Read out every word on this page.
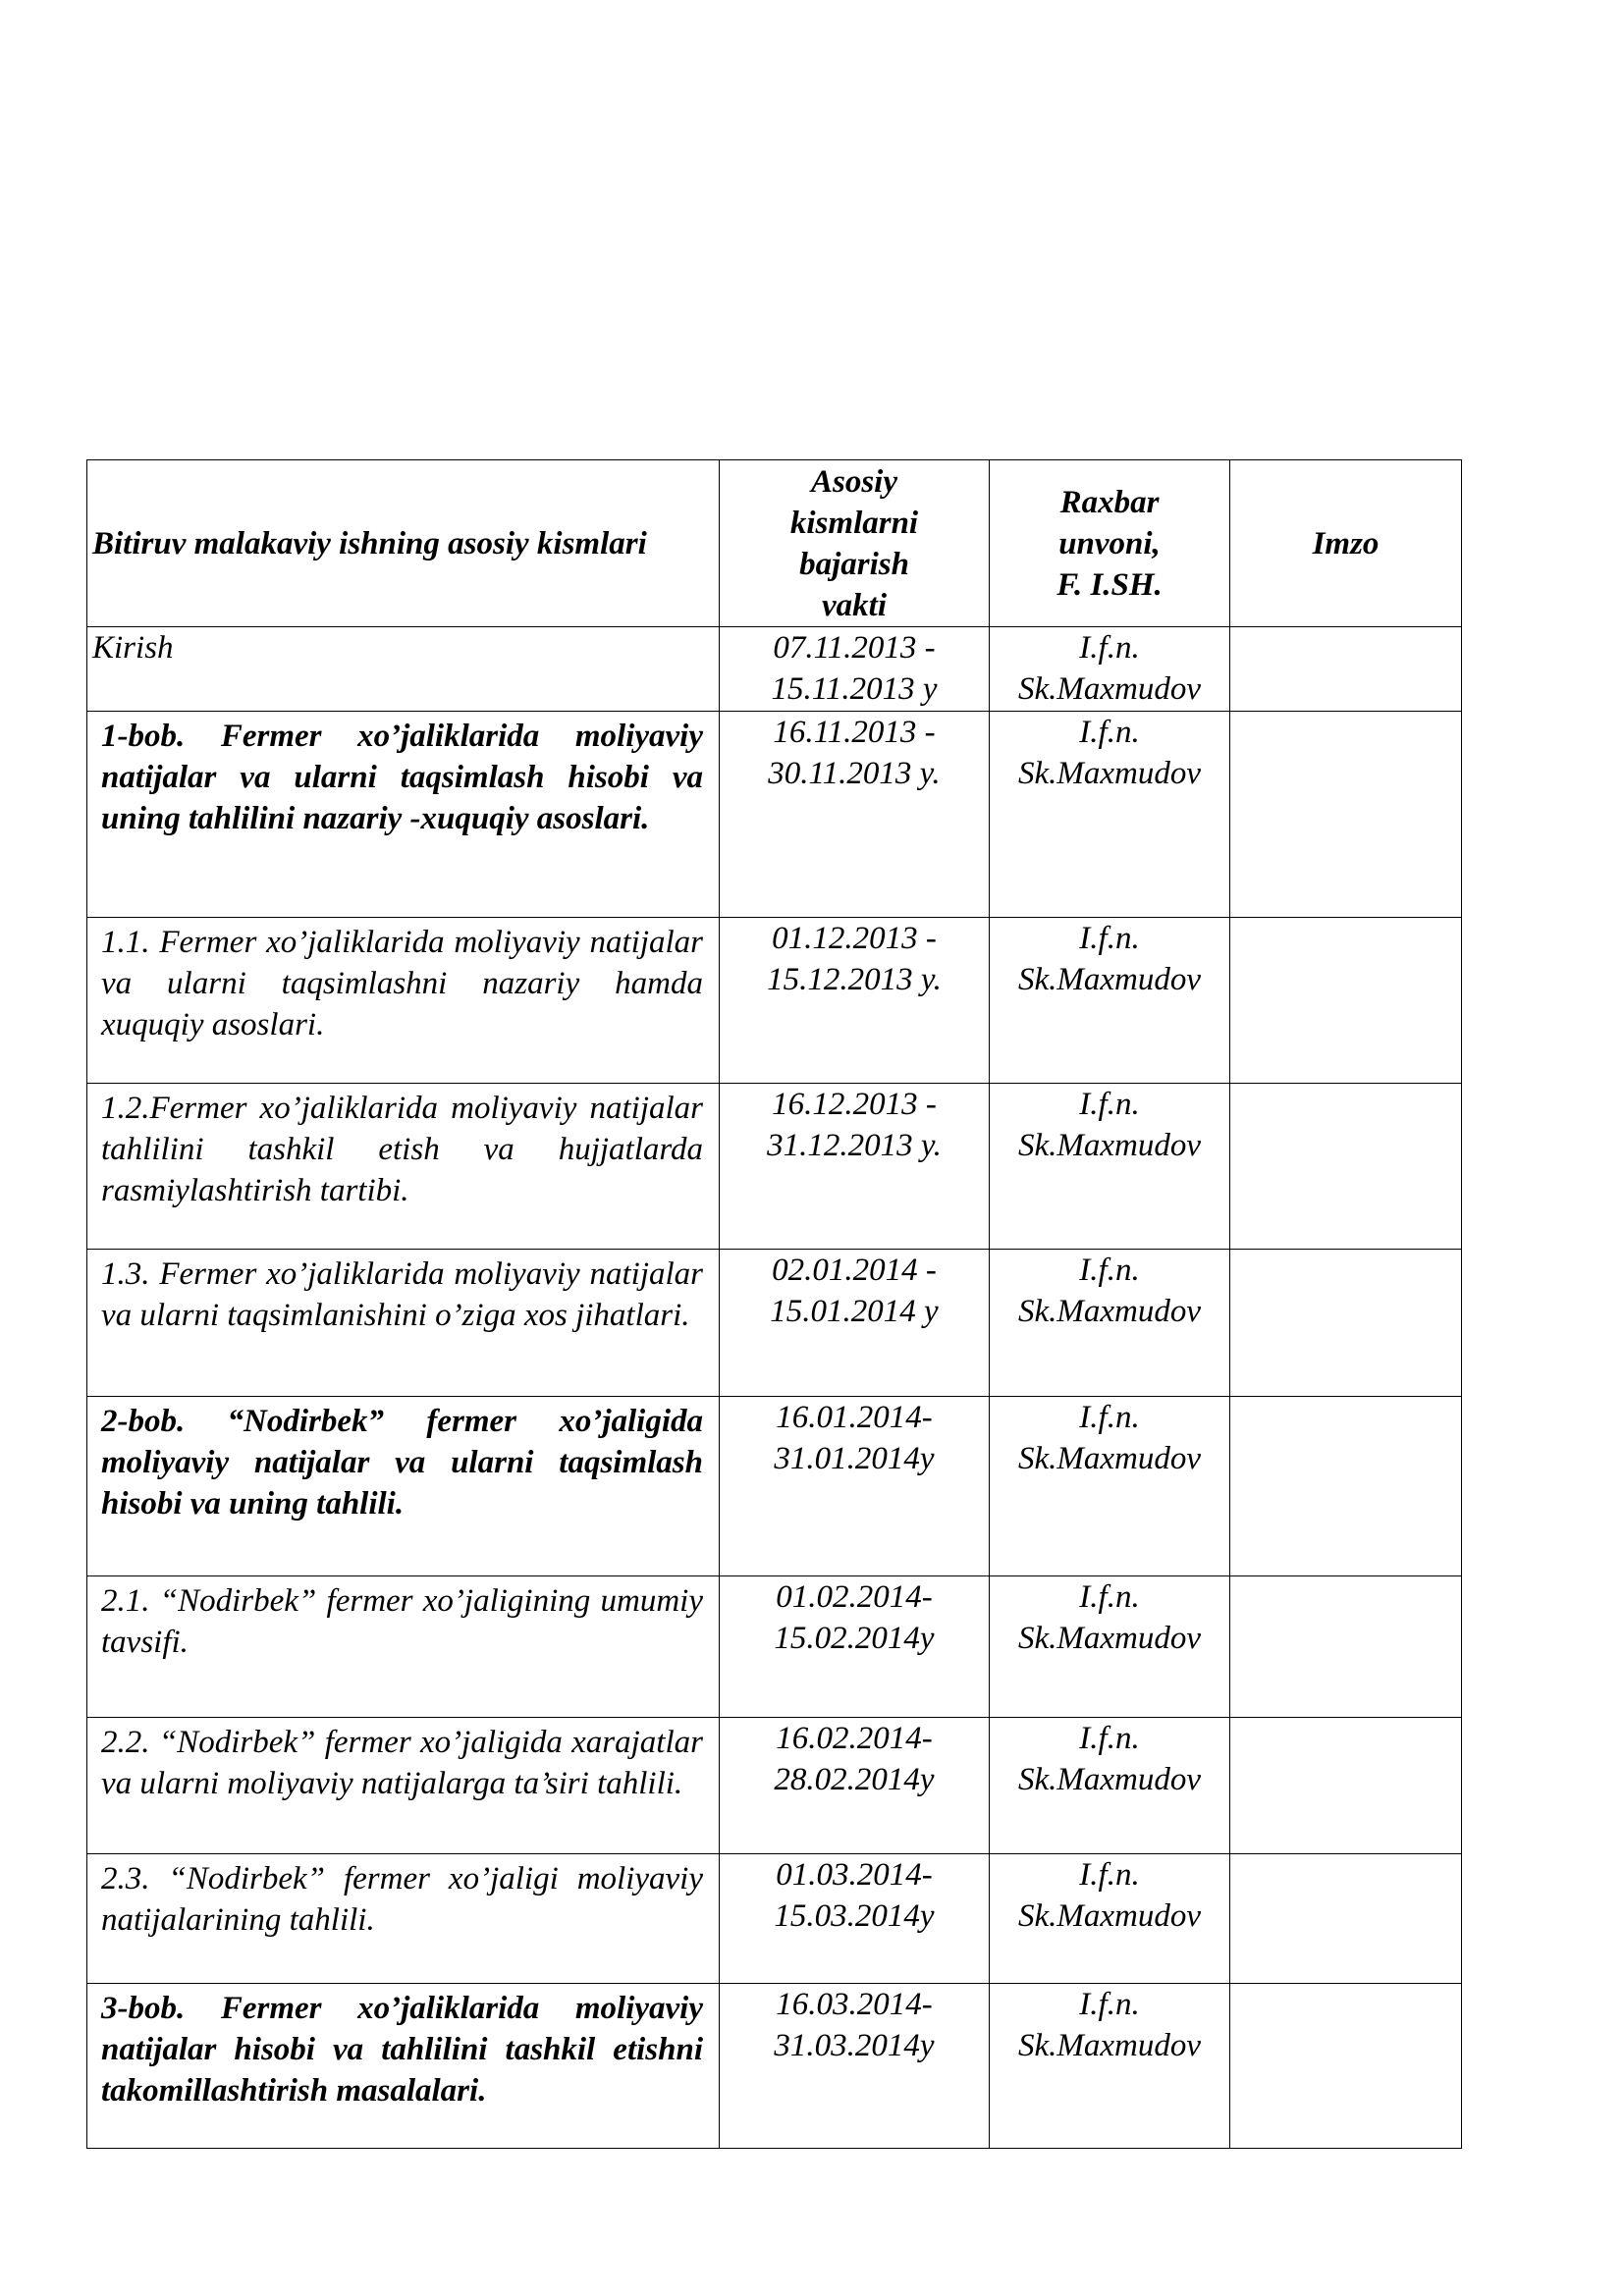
Bitiruv malakaviy ishning asosiy kismlari	Asosiy
kismlarni
bajarish
vakti	Raxbar
unvoni,
F. I.SH.	Imzo
Kirish	07.11.2013 -
15.11.2013 y	I.f.n.
Sk.Maxmudov	

1-bob. Fermer xo’jaliklarida moliyaviy natijalar va ularni taqsimlash hisobi va uning tahlilini nazariy -xuquqiy asoslari.	16.11.2013 -
30.11.2013 y.	I.f.n.
Sk.Maxmudov	

1.1. Fermer xo’jaliklarida moliyaviy natijalar va ularni taqsimlashni nazariy hamda xuquqiy asoslari.	01.12.2013 -
15.12.2013 y.	I.f.n.
Sk.Maxmudov	

1.2.Fermer xo’jaliklarida moliyaviy natijalar tahlilini tashkil etish va hujjatlarda rasmiylashtirish tartibi.	16.12.2013 -
31.12.2013 y.	I.f.n.
Sk.Maxmudov	

1.3. Fermer xo’jaliklarida moliyaviy natijalar va ularni taqsimlanishini o’ziga xos jihatlari.	02.01.2014 -
15.01.2014 y	I.f.n.
Sk.Maxmudov	

2-bob. “Nodirbek” fermer xo’jaligida moliyaviy natijalar va ularni taqsimlash hisobi va uning tahlili.	16.01.2014-
31.01.2014y	I.f.n.
Sk.Maxmudov	

2.1. “Nodirbek” fermer xo’jaligining umumiy tavsifi.	01.02.2014-
15.02.2014y	I.f.n.
Sk.Maxmudov	

2.2. “Nodirbek” fermer xo’jaligida xarajatlar va ularni moliyaviy natijalarga ta’siri tahlili.	16.02.2014-
28.02.2014y	I.f.n.
Sk.Maxmudov	

2.3. “Nodirbek” fermer xo’jaligi moliyaviy natijalarining tahlili.	01.03.2014-
15.03.2014y	I.f.n.
Sk.Maxmudov	

3-bob. Fermer xo’jaliklarida moliyaviy natijalar hisobi va tahlilini tashkil etishni takomillashtirish masalalari.	16.03.2014-
31.03.2014y	I.f.n.
Sk.Maxmudov	
